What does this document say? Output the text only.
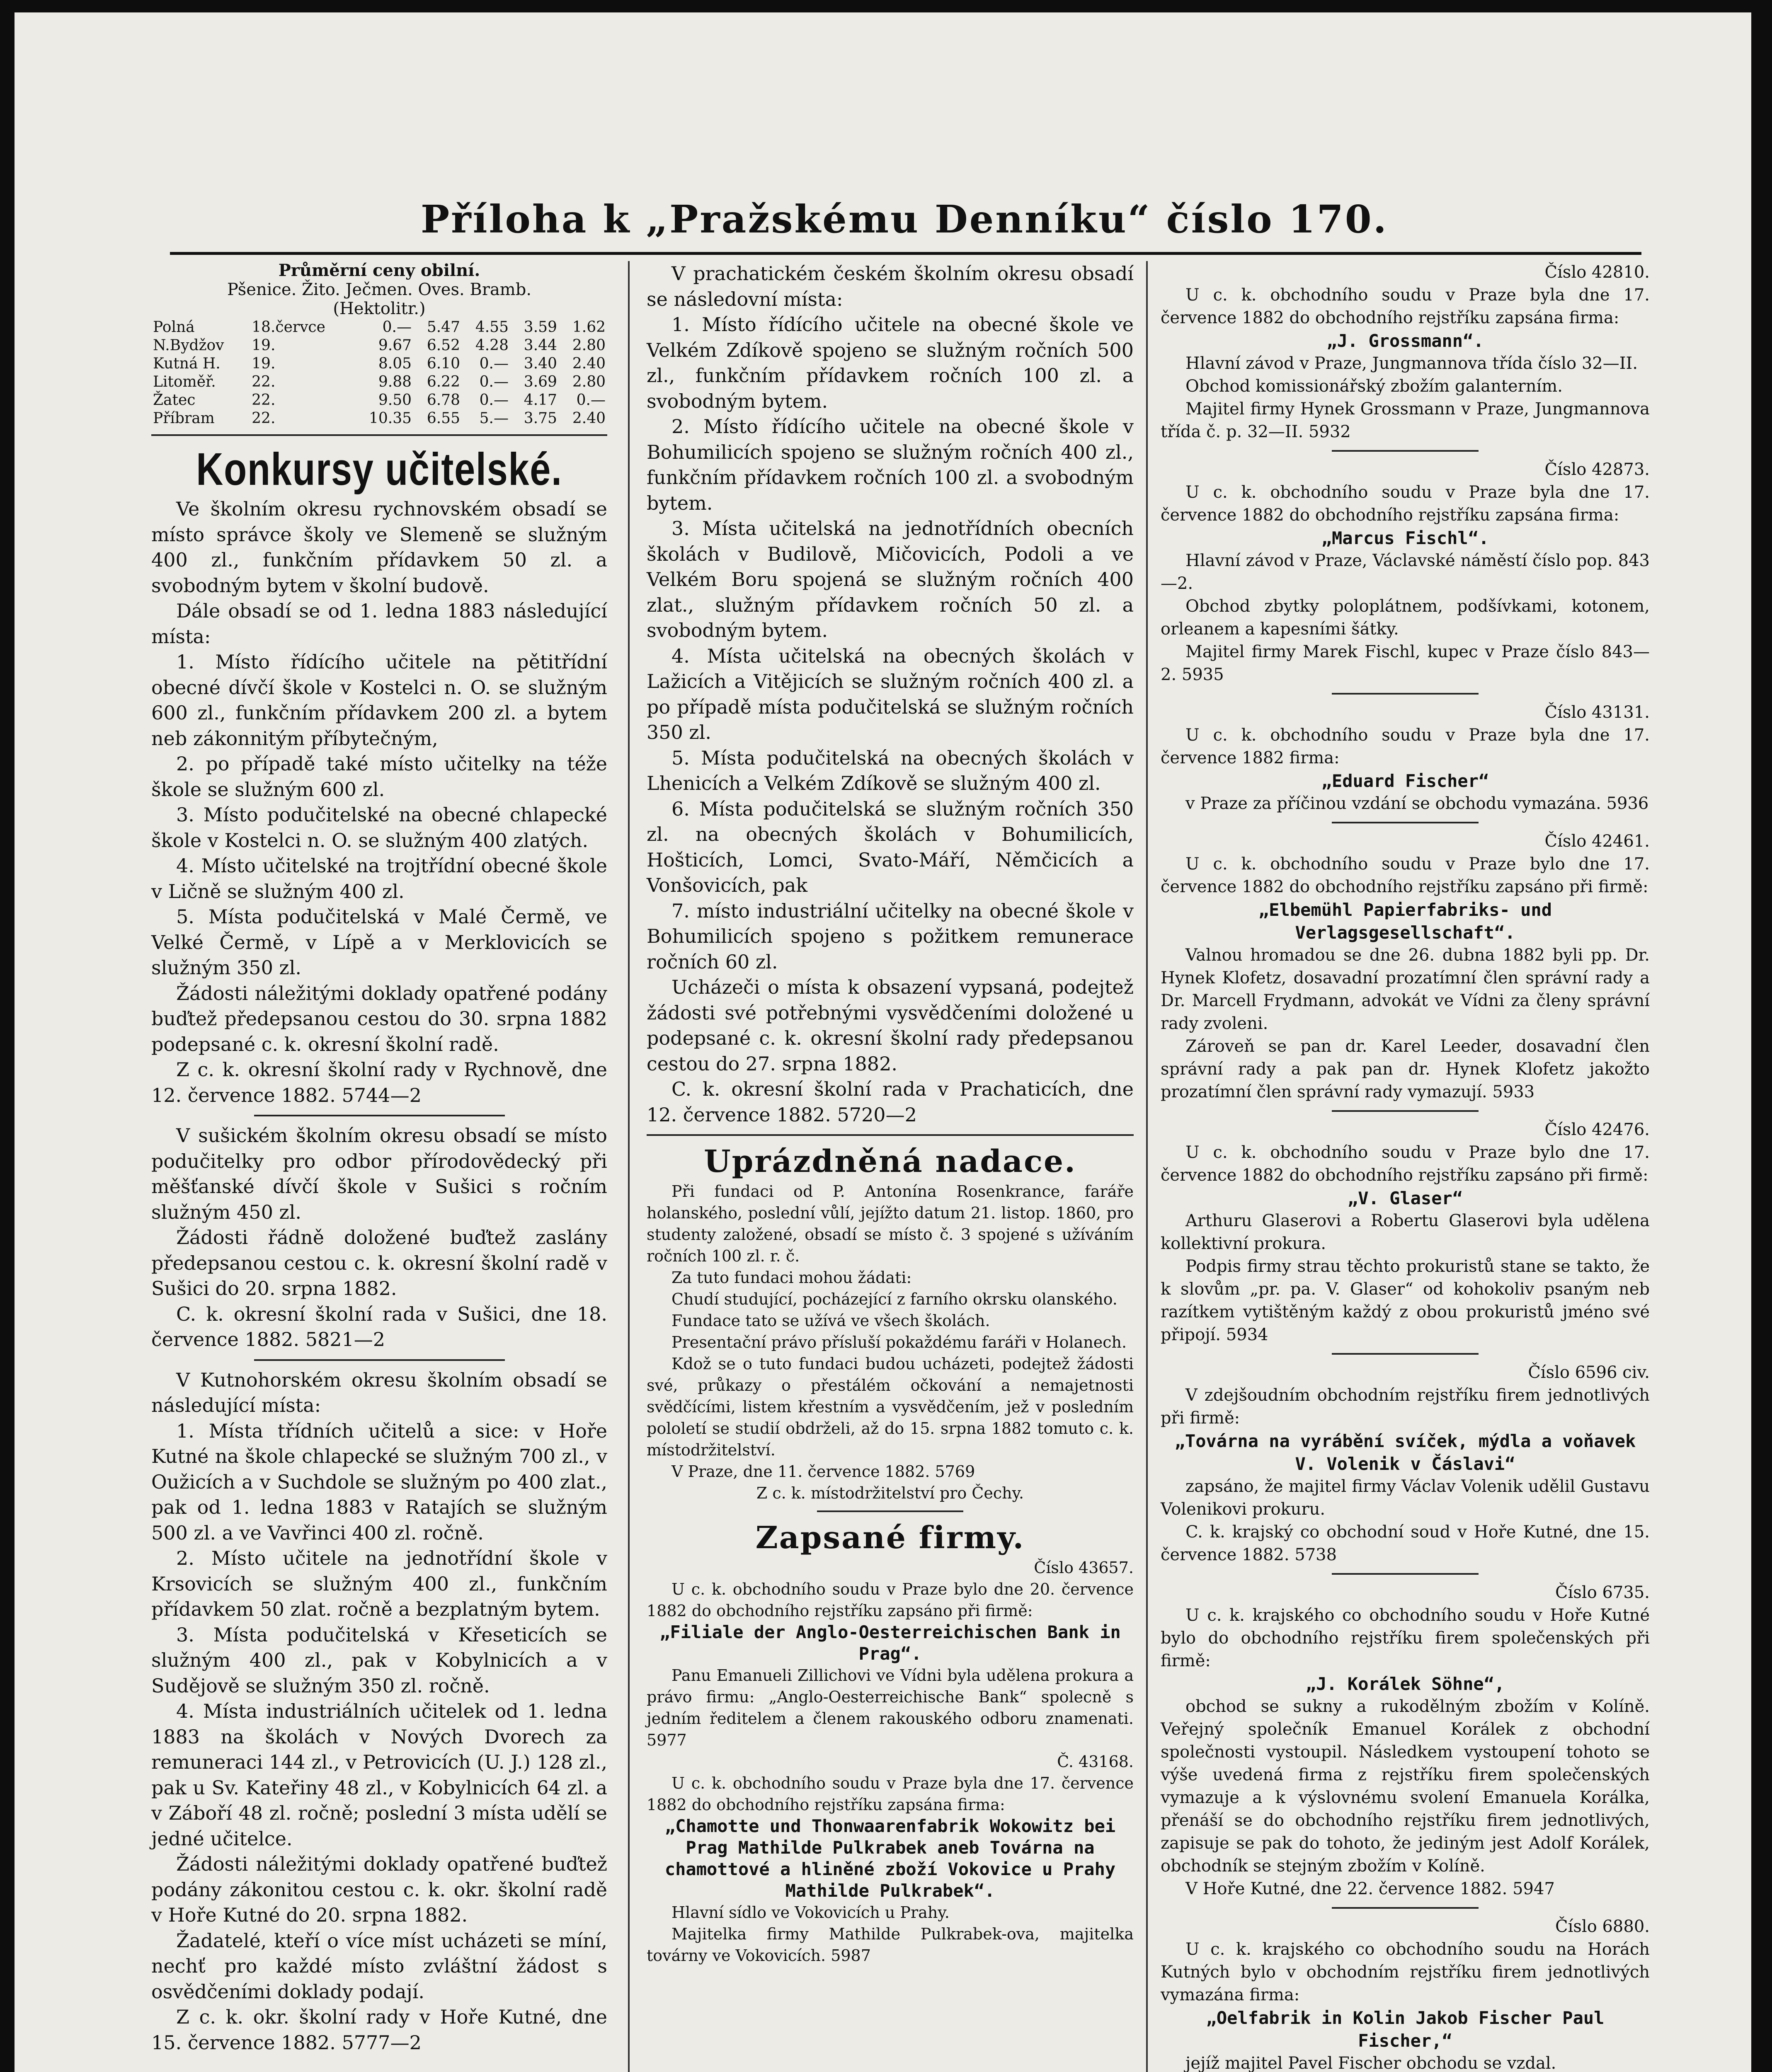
Příloha k „Pražskému Denníku“ číslo 170.
Průměrní ceny obilní.
Pšenice. Žito. Ječmen. Oves. Bramb.
(Hektolitr.)
Polná	18.červce	0.—	5.47	4.55	3.59	1.62
N.Bydžov	19.	9.67	6.52	4.28	3.44	2.80
Kutná H.	19.	8.05	6.10	0.—	3.40	2.40
Litoměř.	22.	9.88	6.22	0.—	3.69	2.80
Žatec	22.	9.50	6.78	0.—	4.17	0.—
Příbram	22.	10.35	6.55	5.—	3.75	2.40
Konkursy učitelské.

Ve školním okresu rychnovském obsadí se místo správce školy ve Slemeně se služným 400 zl., funkčním přídavkem 50 zl. a svobodným bytem v školní budově.

Dále obsadí se od 1. ledna 1883 následující místa:

1. Místo řídícího učitele na pětitřídní obecné dívčí škole v Kostelci n. O. se služným 600 zl., funkčním přídavkem 200 zl. a bytem neb zákonnitým příbytečným,

2. po případě také místo učitelky na téže škole se služným 600 zl.

3. Místo podučitelské na obecné chlapecké škole v Kostelci n. O. se služným 400 zlatých.

4. Místo učitelské na trojtřídní obecné škole v Ličně se služným 400 zl.

5. Místa podučitelská v Malé Čermě, ve Velké Čermě, v Lípě a v Merklovicích se služným 350 zl.

Žádosti náležitými doklady opatřené podány buďtež předepsanou cestou do 30. srpna 1882 podepsané c. k. okresní školní radě.

Z c. k. okresní školní rady v Rychnově, dne 12. července 1882. 5744—2

V sušickém školním okresu obsadí se místo podučitelky pro odbor přírodovědecký při měšťanské dívčí škole v Sušici s ročním služným 450 zl.

Žádosti řádně doložené buďtež zaslány předepsanou cestou c. k. okresní školní radě v Sušici do 20. srpna 1882.

C. k. okresní školní rada v Sušici, dne 18. července 1882. 5821—2

V Kutnohorském okresu školním obsadí se následující místa:

1. Místa třídních učitelů a sice: v Hoře Kutné na škole chlapecké se služným 700 zl., v Oužicích a v Suchdole se služným po 400 zlat., pak od 1. ledna 1883 v Ratajích se služným 500 zl. a ve Vavřinci 400 zl. ročně.

2. Místo učitele na jednotřídní škole v Krsovicích se služným 400 zl., funkčním přídavkem 50 zlat. ročně a bezplatným bytem.

3. Místa podučitelská v Křeseticích se služným 400 zl., pak v Kobylnicích a v Sudějově se služným 350 zl. ročně.

4. Místa industriálních učitelek od 1. ledna 1883 na školách v Nových Dvorech za remuneraci 144 zl., v Petrovicích (U. J.) 128 zl., pak u Sv. Kateřiny 48 zl., v Kobylnicích 64 zl. a v Záboří 48 zl. ročně; poslední 3 místa udělí se jedné učitelce.

Žádosti náležitými doklady opatřené buďtež podány zákonitou cestou c. k. okr. školní radě v Hoře Kutné do 20. srpna 1882.

Žadatelé, kteří o více míst ucházeti se míní, nechť pro každé místo zvláštní žádost s osvědčeními doklady podají.

Z c. k. okr. školní rady v Hoře Kutné, dne 15. července 1882. 5777—2

V prachatickém českém školním okresu obsadí se následovní místa:

1. Místo řídícího učitele na obecné škole ve Velkém Zdíkově spojeno se služným ročních 500 zl., funkčním přídavkem ročních 100 zl. a svobodným bytem.

2. Místo řídícího učitele na obecné škole v Bohumilicích spojeno se služným ročních 400 zl., funkčním přídavkem ročních 100 zl. a svobodným bytem.

3. Místa učitelská na jednotřídních obecních školách v Budilově, Mičovicích, Podoli a ve Velkém Boru spojená se služným ročních 400 zlat., služným přídavkem ročních 50 zl. a svobodným bytem.

4. Místa učitelská na obecných školách v Lažicích a Vitějicích se služným ročních 400 zl. a po případě místa podučitelská se služným ročních 350 zl.

5. Místa podučitelská na obecných školách v Lhenicích a Velkém Zdíkově se služným 400 zl.

6. Místa podučitelská se služným ročních 350 zl. na obecných školách v Bohumilicích, Hošticích, Lomci, Svato-Máří, Němčicích a Vonšovicích, pak

7. místo industriální učitelky na obecné škole v Bohumilicích spojeno s požitkem remunerace ročních 60 zl.

Ucházeči o místa k obsazení vypsaná, podejtež žádosti své potřebnými vysvědčeními doložené u podepsané c. k. okresní školní rady předepsanou cestou do 27. srpna 1882.

C. k. okresní školní rada v Prachaticích, dne 12. července 1882. 5720—2

Uprázdněná nadace.

Při fundaci od P. Antonína Rosenkrance, faráře holanského, poslední vůlí, jejížto datum 21. listop. 1860, pro studenty založené, obsadí se místo č. 3 spojené s užíváním ročních 100 zl. r. č.

Za tuto fundaci mohou žádati:

Chudí studující, pocházející z farního okrsku olanského.

Fundace tato se užívá ve všech školách.

Presentační právo přísluší pokaždému faráři v Holanech.

Kdož se o tuto fundaci budou ucházeti, podejtež žádosti své, průkazy o přestálém očkování a nemajetnosti svědčícími, listem křestním a vysvědčením, jež v posledním pololetí se studií obdrželi, až do 15. srpna 1882 tomuto c. k. místodržitelství.

V Praze, dne 11. července 1882. 5769

Z c. k. místodržitelství pro Čechy.

Zapsané firmy.

Číslo 43657.

U c. k. obchodního soudu v Praze bylo dne 20. července 1882 do obchodního rejstříku zapsáno při firmě:

„Filiale der Anglo-Oesterreichischen Bank in Prag“.

Panu Emanueli Zillichovi ve Vídni byla udělena prokura a právo firmu: „Anglo-Oesterreichische Bank“ spolecně s jedním ředitelem a členem rakouského odboru znamenati. 5977

Č. 43168.

U c. k. obchodního soudu v Praze byla dne 17. července 1882 do obchodního rejstříku zapsána firma:

„Chamotte und Thonwaarenfabrik Wokowitz bei Prag Mathilde Pulkrabek aneb Továrna na chamottové a hliněné zboží Vokovice u Prahy Mathilde Pulkrabek“.

Hlavní sídlo ve Vokovicích u Prahy.

Majitelka firmy Mathilde Pulkrabek-ova, majitelka továrny ve Vokovicích. 5987

Číslo 42810.

U c. k. obchodního soudu v Praze byla dne 17. července 1882 do obchodního rejstříku zapsána firma:

„J. Grossmann“.

Hlavní závod v Praze, Jungmannova třída číslo 32—II.

Obchod komissionářský zbožím galanterním.

Majitel firmy Hynek Grossmann v Praze, Jungmannova třída č. p. 32—II. 5932

Číslo 42873.

U c. k. obchodního soudu v Praze byla dne 17. července 1882 do obchodního rejstříku zapsána firma:

„Marcus Fischl“.

Hlavní závod v Praze, Václavské náměstí číslo pop. 843—2.

Obchod zbytky poloplátnem, podšívkami, kotonem, orleanem a kapesními šátky.

Majitel firmy Marek Fischl, kupec v Praze číslo 843—2. 5935

Číslo 43131.

U c. k. obchodního soudu v Praze byla dne 17. července 1882 firma:

„Eduard Fischer“

v Praze za příčinou vzdání se obchodu vymazána. 5936

Číslo 42461.

U c. k. obchodního soudu v Praze bylo dne 17. července 1882 do obchodního rejstříku zapsáno při firmě:

„Elbemühl Papierfabriks- und Verlagsgesellschaft“.

Valnou hromadou se dne 26. dubna 1882 byli pp. Dr. Hynek Klofetz, dosavadní prozatímní člen správní rady a Dr. Marcell Frydmann, advokát ve Vídni za členy správní rady zvoleni.

Zároveň se pan dr. Karel Leeder, dosavadní člen správní rady a pak pan dr. Hynek Klofetz jakožto prozatímní člen správní rady vymazují. 5933

Číslo 42476.

U c. k. obchodního soudu v Praze bylo dne 17. července 1882 do obchodního rejstříku zapsáno při firmě:

„V. Glaser“

Arthuru Glaserovi a Robertu Glaserovi byla udělena kollektivní prokura.

Podpis firmy strau těchto prokuristů stane se takto, že k slovům „pr. pa. V. Glaser“ od kohokoliv psaným neb razítkem vytištěným každý z obou prokuristů jméno své připojí. 5934

Číslo 6596 civ.

V zdejšoudním obchodním rejstříku firem jednotlivých při firmě:

„Továrna na vyrábění svíček, mýdla a voňavek V. Volenik v Čáslavi“

zapsáno, že majitel firmy Václav Volenik udělil Gustavu Volenikovi prokuru.

C. k. krajský co obchodní soud v Hoře Kutné, dne 15. července 1882. 5738

Číslo 6735.

U c. k. krajského co obchodního soudu v Hoře Kutné bylo do obchodního rejstříku firem společenských při firmě:

„J. Korálek Söhne“,

obchod se sukny a rukodělným zbožím v Kolíně. Veřejný společník Emanuel Korálek z obchodní společnosti vystoupil. Následkem vystoupení tohoto se výše uvedená firma z rejstříku firem společenských vymazuje a k výslovnému svolení Emanuela Korálka, přenáší se do obchodního rejstříku firem jednotlivých, zapisuje se pak do tohoto, že jediným jest Adolf Korálek, obchodník se stejným zbožím v Kolíně.

V Hoře Kutné, dne 22. července 1882. 5947

Číslo 6880.

U c. k. krajského co obchodního soudu na Horách Kutných bylo v obchodním rejstříku firem jednotlivých vymazána firma:

„Oelfabrik in Kolin Jakob Fischer Paul Fischer,“

jejíž majitel Pavel Fischer obchodu se vzdal.
